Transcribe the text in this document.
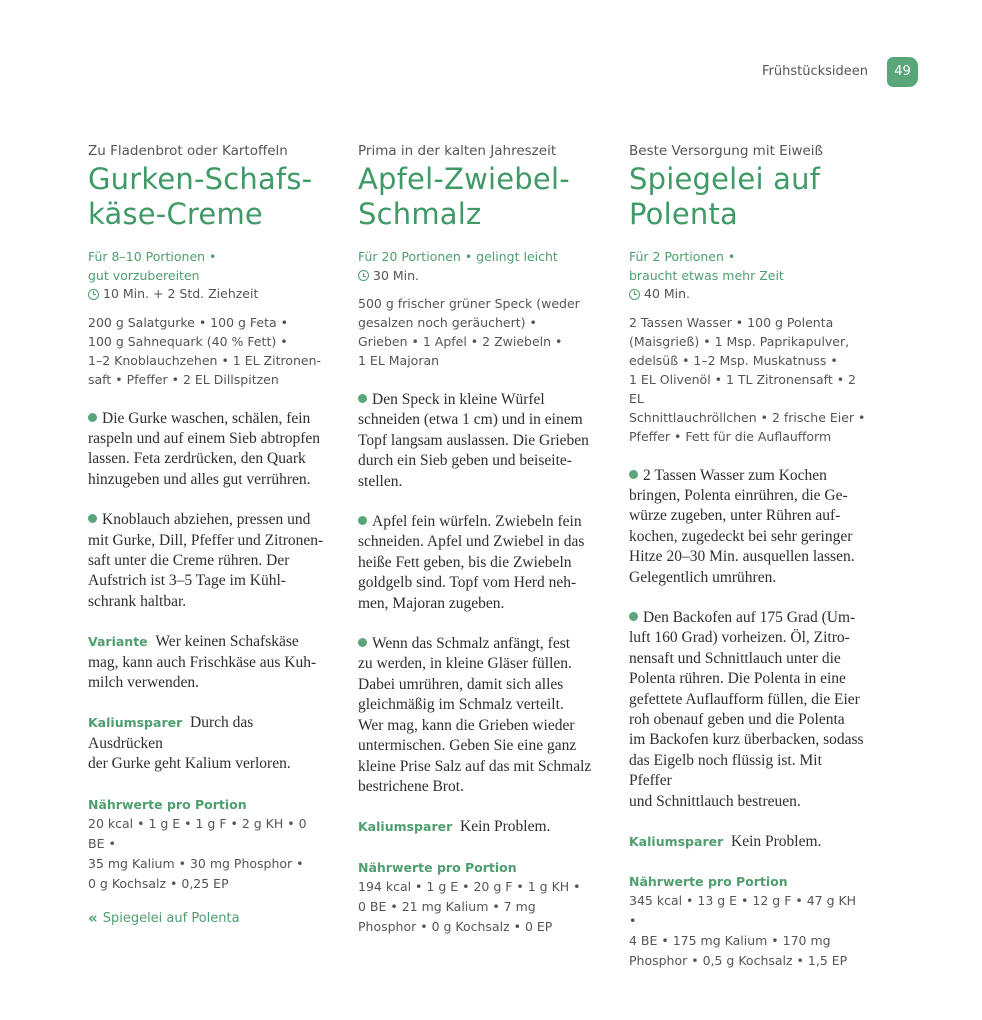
Frühstücksideen	49
Zu Fladenbrot oder Kartoffeln
Gurken-Schafs-
käse-Creme
Für 8–10 Portionen •
gut vorzubereiten
10 Min. + 2 Std. Ziehzeit
200 g Salatgurke • 100 g Feta •
100 g Sahnequark (40 % Fett) •
1–2 Knoblauchzehen • 1 EL Zitronen-
saft • Pfeffer • 2 EL Dillspitzen
Die Gurke waschen, schälen, fein
raspeln und auf einem Sieb abtropfen
lassen. Feta zerdrücken, den Quark
hinzugeben und alles gut verrühren.
Knoblauch abziehen, pressen und
mit Gurke, Dill, Pfeffer und Zitronen-
saft unter die Creme rühren. Der
Aufstrich ist 3–5 Tage im Kühl-
schrank haltbar.
Variante  Wer keinen Schafskäse
mag, kann auch Frischkäse aus Kuh-
milch verwenden.
Kaliumsparer  Durch das Ausdrücken
der Gurke geht Kalium verloren.
Nährwerte pro Portion
20 kcal • 1 g E • 1 g F • 2 g KH • 0 BE •
35 mg Kalium • 30 mg Phosphor •
0 g Kochsalz • 0,25 EP
Prima in der kalten Jahreszeit
Apfel-Zwiebel-
Schmalz
Für 20 Portionen • gelingt leicht
30 Min.
500 g frischer grüner Speck (weder
gesalzen noch geräuchert) •
Grieben • 1 Apfel • 2 Zwiebeln •
1 EL Majoran
Den Speck in kleine Würfel
schneiden (etwa 1 cm) und in einem
Topf langsam auslassen. Die Grieben
durch ein Sieb geben und beiseite-
stellen.
Apfel fein würfeln. Zwiebeln fein
schneiden. Apfel und Zwiebel in das
heiße Fett geben, bis die Zwiebeln
goldgelb sind. Topf vom Herd neh-
men, Majoran zugeben.
Wenn das Schmalz anfängt, fest
zu werden, in kleine Gläser füllen.
Dabei umrühren, damit sich alles
gleichmäßig im Schmalz verteilt.
Wer mag, kann die Grieben wieder
untermischen. Geben Sie eine ganz
kleine Prise Salz auf das mit Schmalz
bestrichene Brot.
Kaliumsparer  Kein Problem.
Nährwerte pro Portion
194 kcal • 1 g E • 20 g F • 1 g KH •
0 BE • 21 mg Kalium • 7 mg
Phosphor • 0 g Kochsalz • 0 EP
Beste Versorgung mit Eiweiß
Spiegelei auf
Polenta
Für 2 Portionen •
braucht etwas mehr Zeit
40 Min.
2 Tassen Wasser • 100 g Polenta
(Maisgrieß) • 1 Msp. Paprikapulver,
edelsüß • 1–2 Msp. Muskatnuss •
1 EL Olivenöl • 1 TL Zitronensaft • 2 EL
Schnittlauchröllchen • 2 frische Eier •
Pfeffer • Fett für die Auflaufform
2 Tassen Wasser zum Kochen
bringen, Polenta einrühren, die Ge-
würze zugeben, unter Rühren auf-
kochen, zugedeckt bei sehr geringer
Hitze 20–30 Min. ausquellen lassen.
Gelegentlich umrühren.
Den Backofen auf 175 Grad (Um-
luft 160 Grad) vorheizen. Öl, Zitro-
nensaft und Schnittlauch unter die
Polenta rühren. Die Polenta in eine
gefettete Auflaufform füllen, die Eier
roh obenauf geben und die Polenta
im Backofen kurz überbacken, sodass
das Eigelb noch flüssig ist. Mit Pfeffer
und Schnittlauch bestreuen.
Kaliumsparer  Kein Problem.
Nährwerte pro Portion
345 kcal • 13 g E • 12 g F • 47 g KH •
4 BE • 175 mg Kalium • 170 mg
Phosphor • 0,5 g Kochsalz • 1,5 EP
« Spiegelei auf Polenta
